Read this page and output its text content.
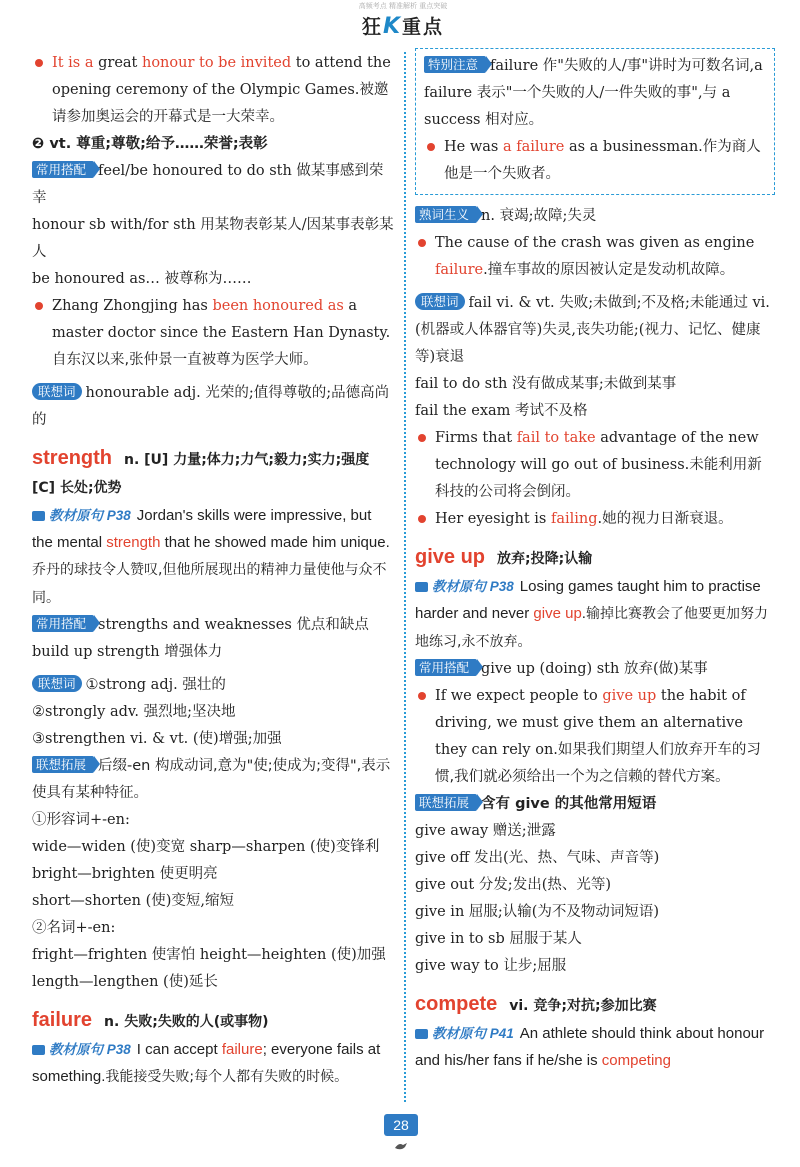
高频考点 精准解析 重点突破
狂K重点

It is a great honour to be invited to attend the opening ceremony of the Olympic Games.被邀请参加奥运会的开幕式是一大荣幸。

❷ vt. 尊重;尊敬;给予……荣誉;表彰

常用搭配 feel/be honoured to do sth 做某事感到荣幸

honour sb with/for sth 用某物表彰某人/因某事表彰某人

be honoured as… 被尊称为……

Zhang Zhongjing has been honoured as a master doctor since the Eastern Han Dynasty.自东汉以来,张仲景一直被尊为医学大师。

联想词 honourable adj. 光荣的;值得尊敬的;品德高尚的

strength n. [U] 力量;体力;力气;毅力;实力;强度 [C] 长处;优势

教材原句 P38 Jordan's skills were impressive, but the mental strength that he showed made him unique.乔丹的球技令人赞叹,但他所展现出的精神力量使他与众不同。

常用搭配 strengths and weaknesses 优点和缺点

build up strength 增强体力

联想词 ①strong adj. 强壮的

②strongly adv. 强烈地;坚决地

③strengthen vi. & vt. (使)增强;加强

联想拓展 后缀-en 构成动词,意为"使;使成为;变得",表示使具有某种特征。

①形容词+-en:

wide—widen (使)变宽 sharp—sharpen (使)变锋利 bright—brighten 使更明亮

short—shorten (使)变短,缩短

②名词+-en:

fright—frighten 使害怕 height—heighten (使)加强

length—lengthen (使)延长

failure n. 失败;失败的人(或事物)

教材原句 P38 I can accept failure; everyone fails at something.我能接受失败;每个人都有失败的时候。

特别注意 failure 作"失败的人/事"讲时为可数名词,a failure 表示"一个失败的人/一件失败的事",与 a success 相对应。

He was a failure as a businessman.作为商人他是一个失败者。

熟词生义 n. 衰竭;故障;失灵

The cause of the crash was given as engine failure.撞车事故的原因被认定是发动机故障。

联想词 fail vi. & vt. 失败;未做到;不及格;未能通过 vi.(机器或人体器官等)失灵,丧失功能;(视力、记忆、健康等)衰退

fail to do sth 没有做成某事;未做到某事

fail the exam 考试不及格

Firms that fail to take advantage of the new technology will go out of business.未能利用新科技的公司将会倒闭。

Her eyesight is failing.她的视力日渐衰退。

give up 放弃;投降;认输

教材原句 P38 Losing games taught him to practise harder and never give up.输掉比赛教会了他要更加努力地练习,永不放弃。

常用搭配 give up (doing) sth 放弃(做)某事

If we expect people to give up the habit of driving, we must give them an alternative they can rely on.如果我们期望人们放弃开车的习惯,我们就必须给出一个为之信赖的替代方案。

联想拓展 含有 give 的其他常用短语

give away 赠送;泄露

give off 发出(光、热、气味、声音等)

give out 分发;发出(热、光等)

give in 屈服;认输(为不及物动词短语)

give in to sb 屈服于某人

give way to 让步;屈服

compete vi. 竞争;对抗;参加比赛

教材原句 P41 An athlete should think about honour and his/her fans if he/she is competing

28
